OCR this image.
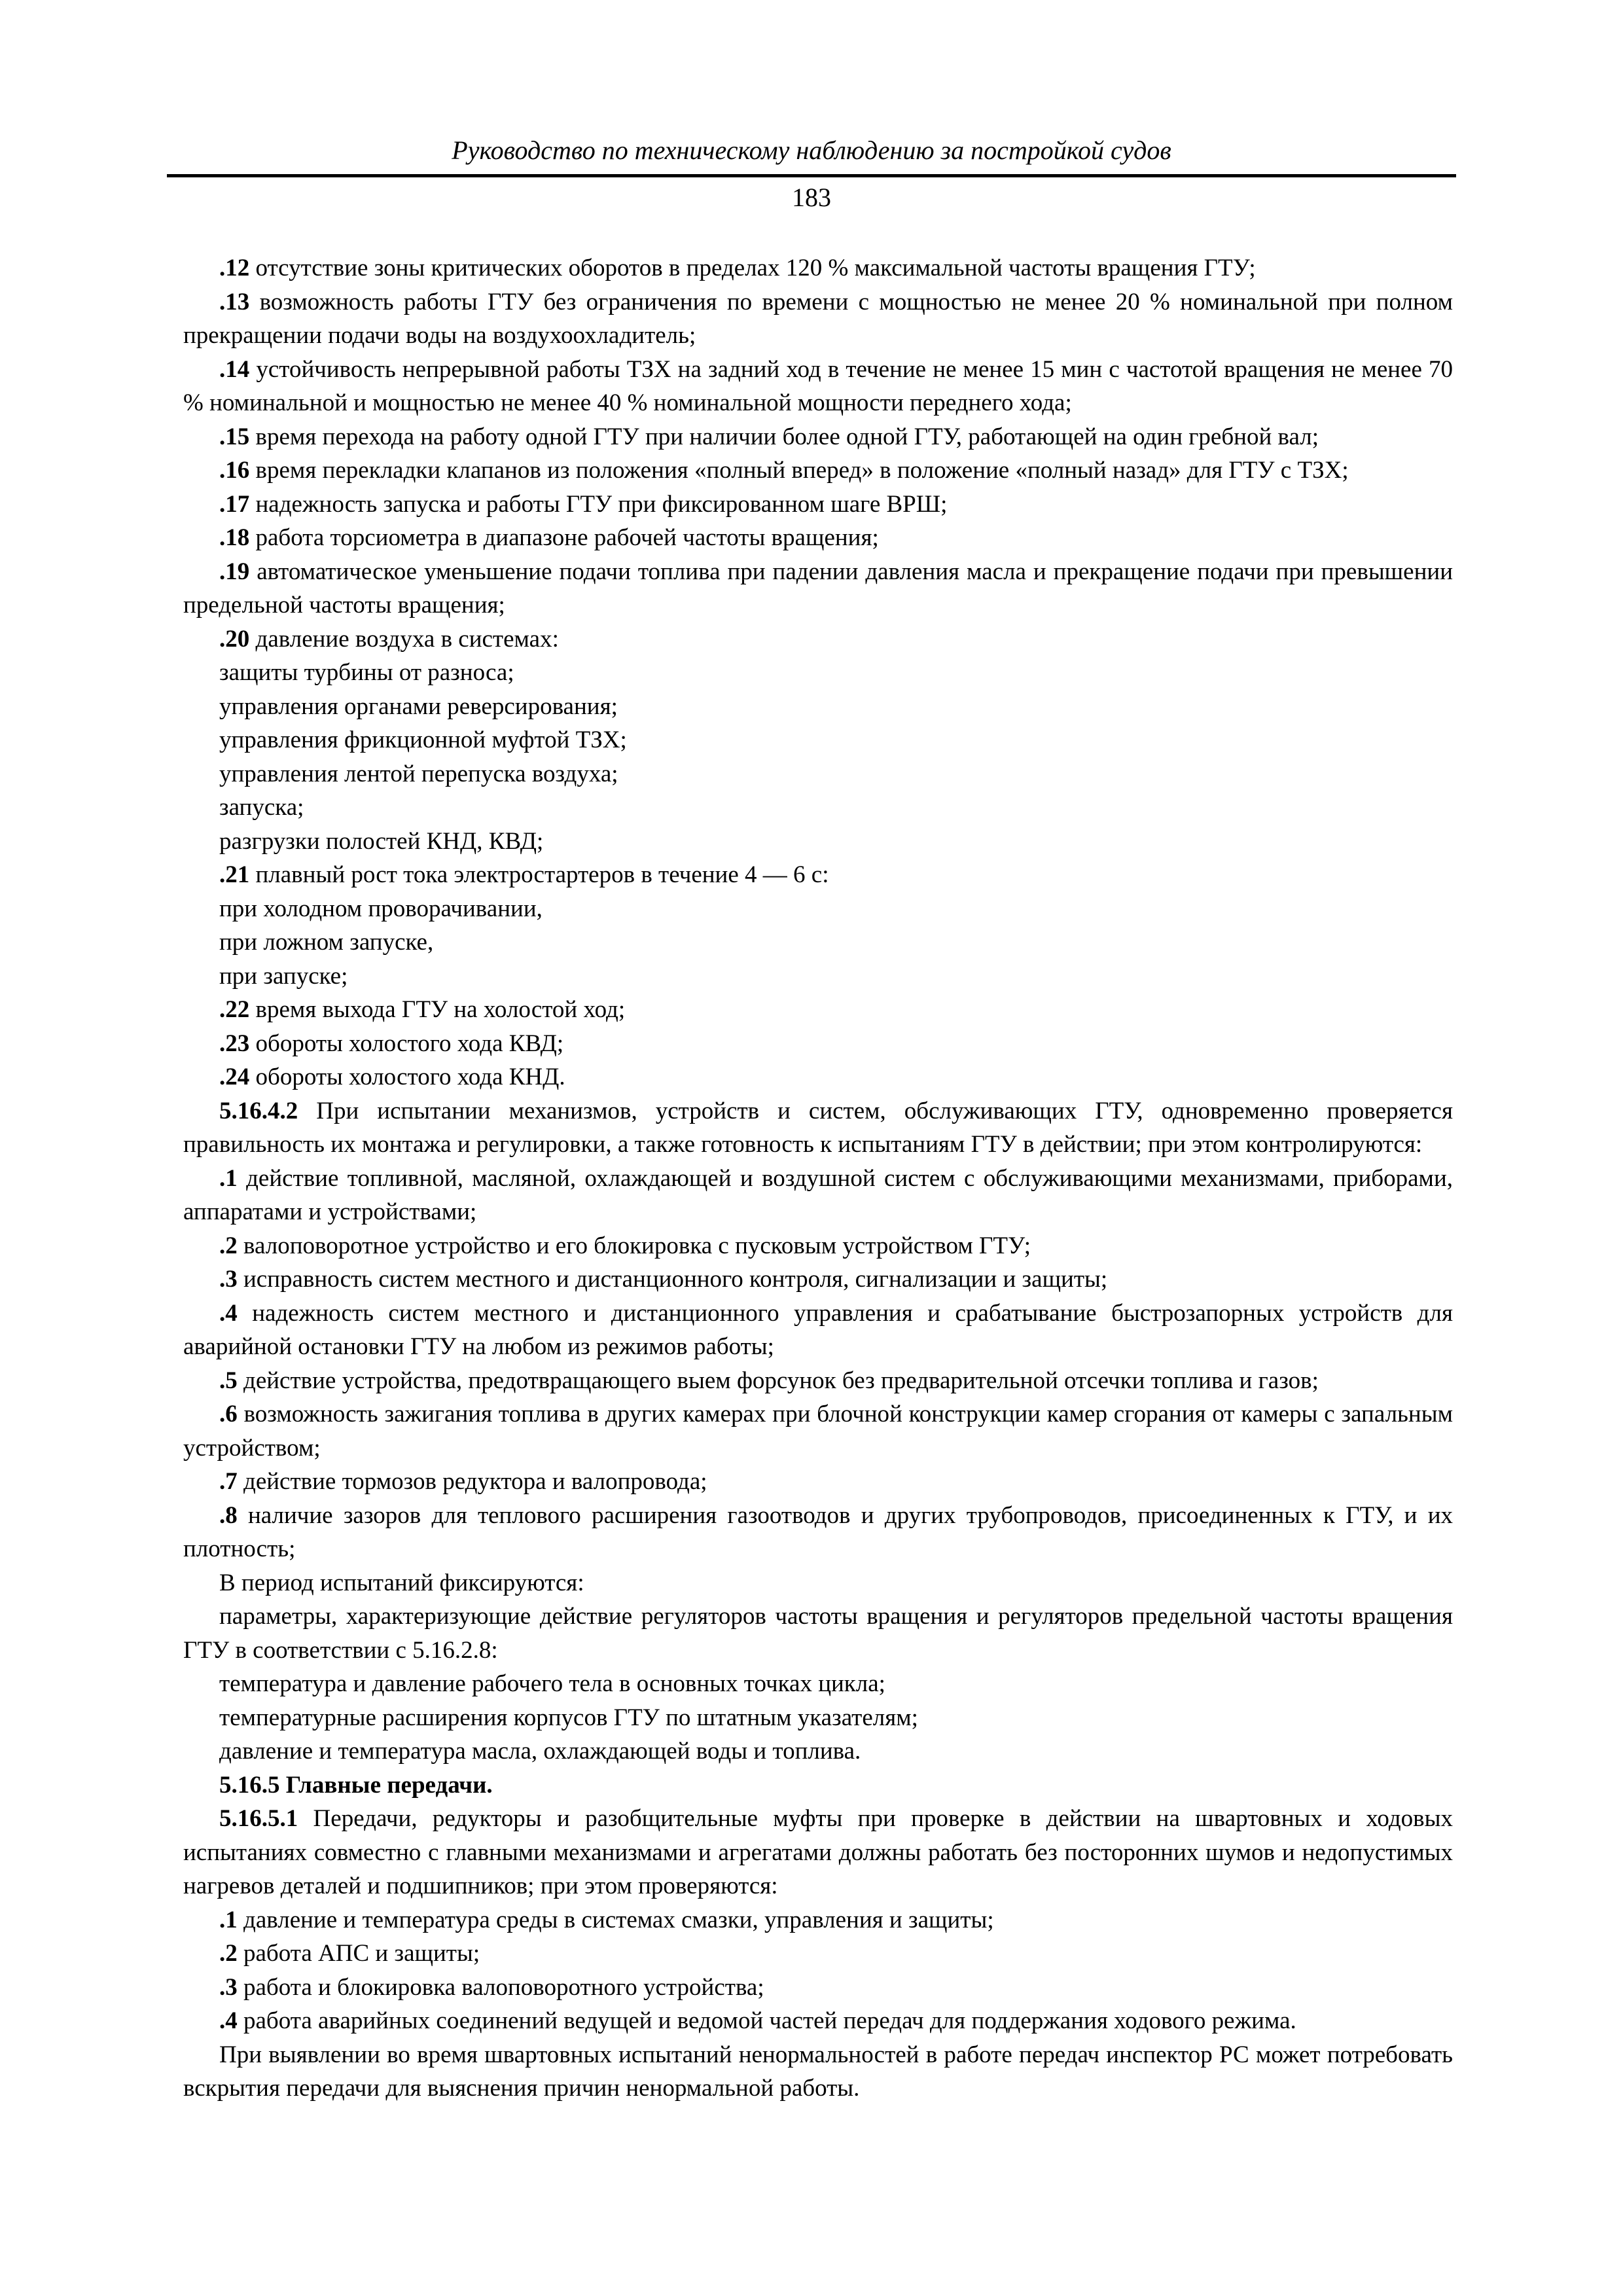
Руководство по техническому наблюдению за постройкой судов
183

.12 отсутствие зоны критических оборотов в пределах 120 % максимальной частоты вращения ГТУ;

.13 возможность работы ГТУ без ограничения по времени с мощностью не менее 20 % номинальной при полном прекращении подачи воды на воздухоохладитель;

.14 устойчивость непрерывной работы ТЗХ на задний ход в течение не менее 15 мин с частотой вращения не менее 70 % номинальной и мощностью не менее 40 % номинальной мощности переднего хода;

.15 время перехода на работу одной ГТУ при наличии более одной ГТУ, работающей на один гребной вал;

.16 время перекладки клапанов из положения «полный вперед» в положение «полный назад» для ГТУ с ТЗХ;

.17 надежность запуска и работы ГТУ при фиксированном шаге ВРШ;

.18 работа торсиометра в диапазоне рабочей частоты вращения;

.19 автоматическое уменьшение подачи топлива при падении давления масла и прекращение подачи при превышении предельной частоты вращения;

.20 давление воздуха в системах:

защиты турбины от разноса;

управления органами реверсирования;

управления фрикционной муфтой ТЗХ;

управления лентой перепуска воздуха;

запуска;

разгрузки полостей КНД, КВД;

.21 плавный рост тока электростартеров в течение 4 — 6 с:

при холодном проворачивании,

при ложном запуске,

при запуске;

.22 время выхода ГТУ на холостой ход;

.23 обороты холостого хода КВД;

.24 обороты холостого хода КНД.

5.16.4.2 При испытании механизмов, устройств и систем, обслуживающих ГТУ, одновременно проверяется правильность их монтажа и регулировки, а также готовность к испытаниям ГТУ в действии; при этом контролируются:

.1 действие топливной, масляной, охлаждающей и воздушной систем с обслуживающими механизмами, приборами, аппаратами и устройствами;

.2 валоповоротное устройство и его блокировка с пусковым устройством ГТУ;

.3 исправность систем местного и дистанционного контроля, сигнализации и защиты;

.4 надежность систем местного и дистанционного управления и срабатывание быстрозапорных устройств для аварийной остановки ГТУ на любом из режимов работы;

.5 действие устройства, предотвращающего выем форсунок без предварительной отсечки топлива и газов;

.6 возможность зажигания топлива в других камерах при блочной конструкции камер сгорания от камеры с запальным устройством;

.7 действие тормозов редуктора и валопровода;

.8 наличие зазоров для теплового расширения газоотводов и других трубопроводов, присоединенных к ГТУ, и их плотность;

В период испытаний фиксируются:

параметры, характеризующие действие регуляторов частоты вращения и регуляторов предельной частоты вращения ГТУ в соответствии с 5.16.2.8:

температура и давление рабочего тела в основных точках цикла;

температурные расширения корпусов ГТУ по штатным указателям;

давление и температура масла, охлаждающей воды и топлива.

5.16.5 Главные передачи.

5.16.5.1 Передачи, редукторы и разобщительные муфты при проверке в действии на швартовных и ходовых испытаниях совместно с главными механизмами и агрегатами должны работать без посторонних шумов и недопустимых нагревов деталей и подшипников; при этом проверяются:

.1 давление и температура среды в системах смазки, управления и защиты;

.2 работа АПС и защиты;

.3 работа и блокировка валоповоротного устройства;

.4 работа аварийных соединений ведущей и ведомой частей передач для поддержания ходового режима.

При выявлении во время швартовных испытаний ненормальностей в работе передач инспектор РС может потребовать вскрытия передачи для выяснения причин ненормальной работы.
